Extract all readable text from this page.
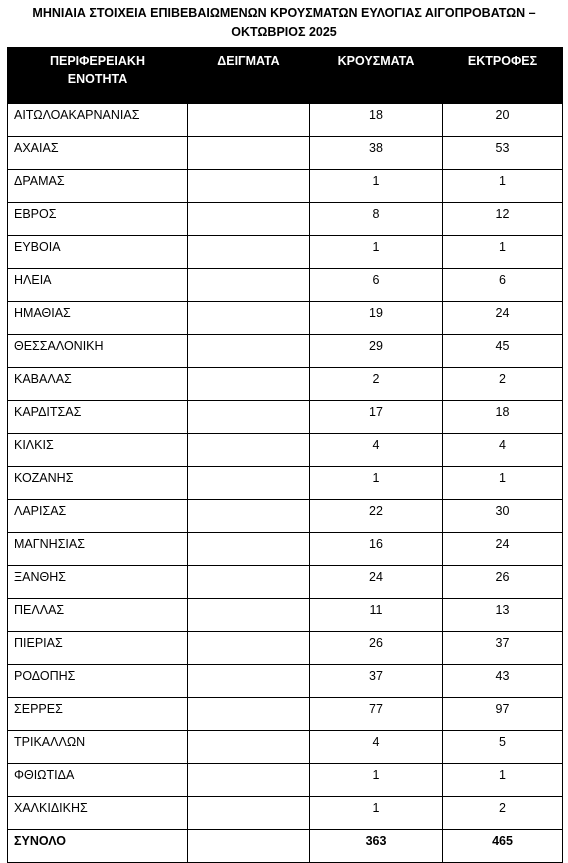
ΜΗΝΙΑΙΑ ΣΤΟΙΧΕΙΑ ΕΠΙΒΕΒΑΙΩΜΕΝΩΝ ΚΡΟΥΣΜΑΤΩΝ ΕΥΛΟΓΙΑΣ ΑΙΓΟΠΡΟΒΑΤΩΝ –
ΟΚΤΩΒΡΙΟΣ 2025
ΠΕΡΙΦΕΡΕΙΑΚΗ
ΕΝΟΤΗΤΑ	ΔΕΙΓΜΑΤΑ	ΚΡΟΥΣΜΑΤΑ	ΕΚΤΡΟΦΕΣ
ΑΙΤΩΛΟΑΚΑΡΝΑΝΙΑΣ		18	20
ΑΧΑΙΑΣ		38	53
ΔΡΑΜΑΣ		1	1
ΕΒΡΟΣ		8	12
ΕΥΒΟΙΑ		1	1
ΗΛΕΙΑ		6	6
ΗΜΑΘΙΑΣ		19	24
ΘΕΣΣΑΛΟΝΙΚΗ		29	45
ΚΑΒΑΛΑΣ		2	2
ΚΑΡΔΙΤΣΑΣ		17	18
ΚΙΛΚΙΣ		4	4
ΚΟΖΑΝΗΣ		1	1
ΛΑΡΙΣΑΣ		22	30
ΜΑΓΝΗΣΙΑΣ		16	24
ΞΑΝΘΗΣ		24	26
ΠΕΛΛΑΣ		11	13
ΠΙΕΡΙΑΣ		26	37
ΡΟΔΟΠΗΣ		37	43
ΣΕΡΡΕΣ		77	97
ΤΡΙΚΑΛΛΩΝ		4	5
ΦΘΙΩΤΙΔΑ		1	1
ΧΑΛΚΙΔΙΚΗΣ		1	2
ΣΥΝΟΛΟ		363	465
